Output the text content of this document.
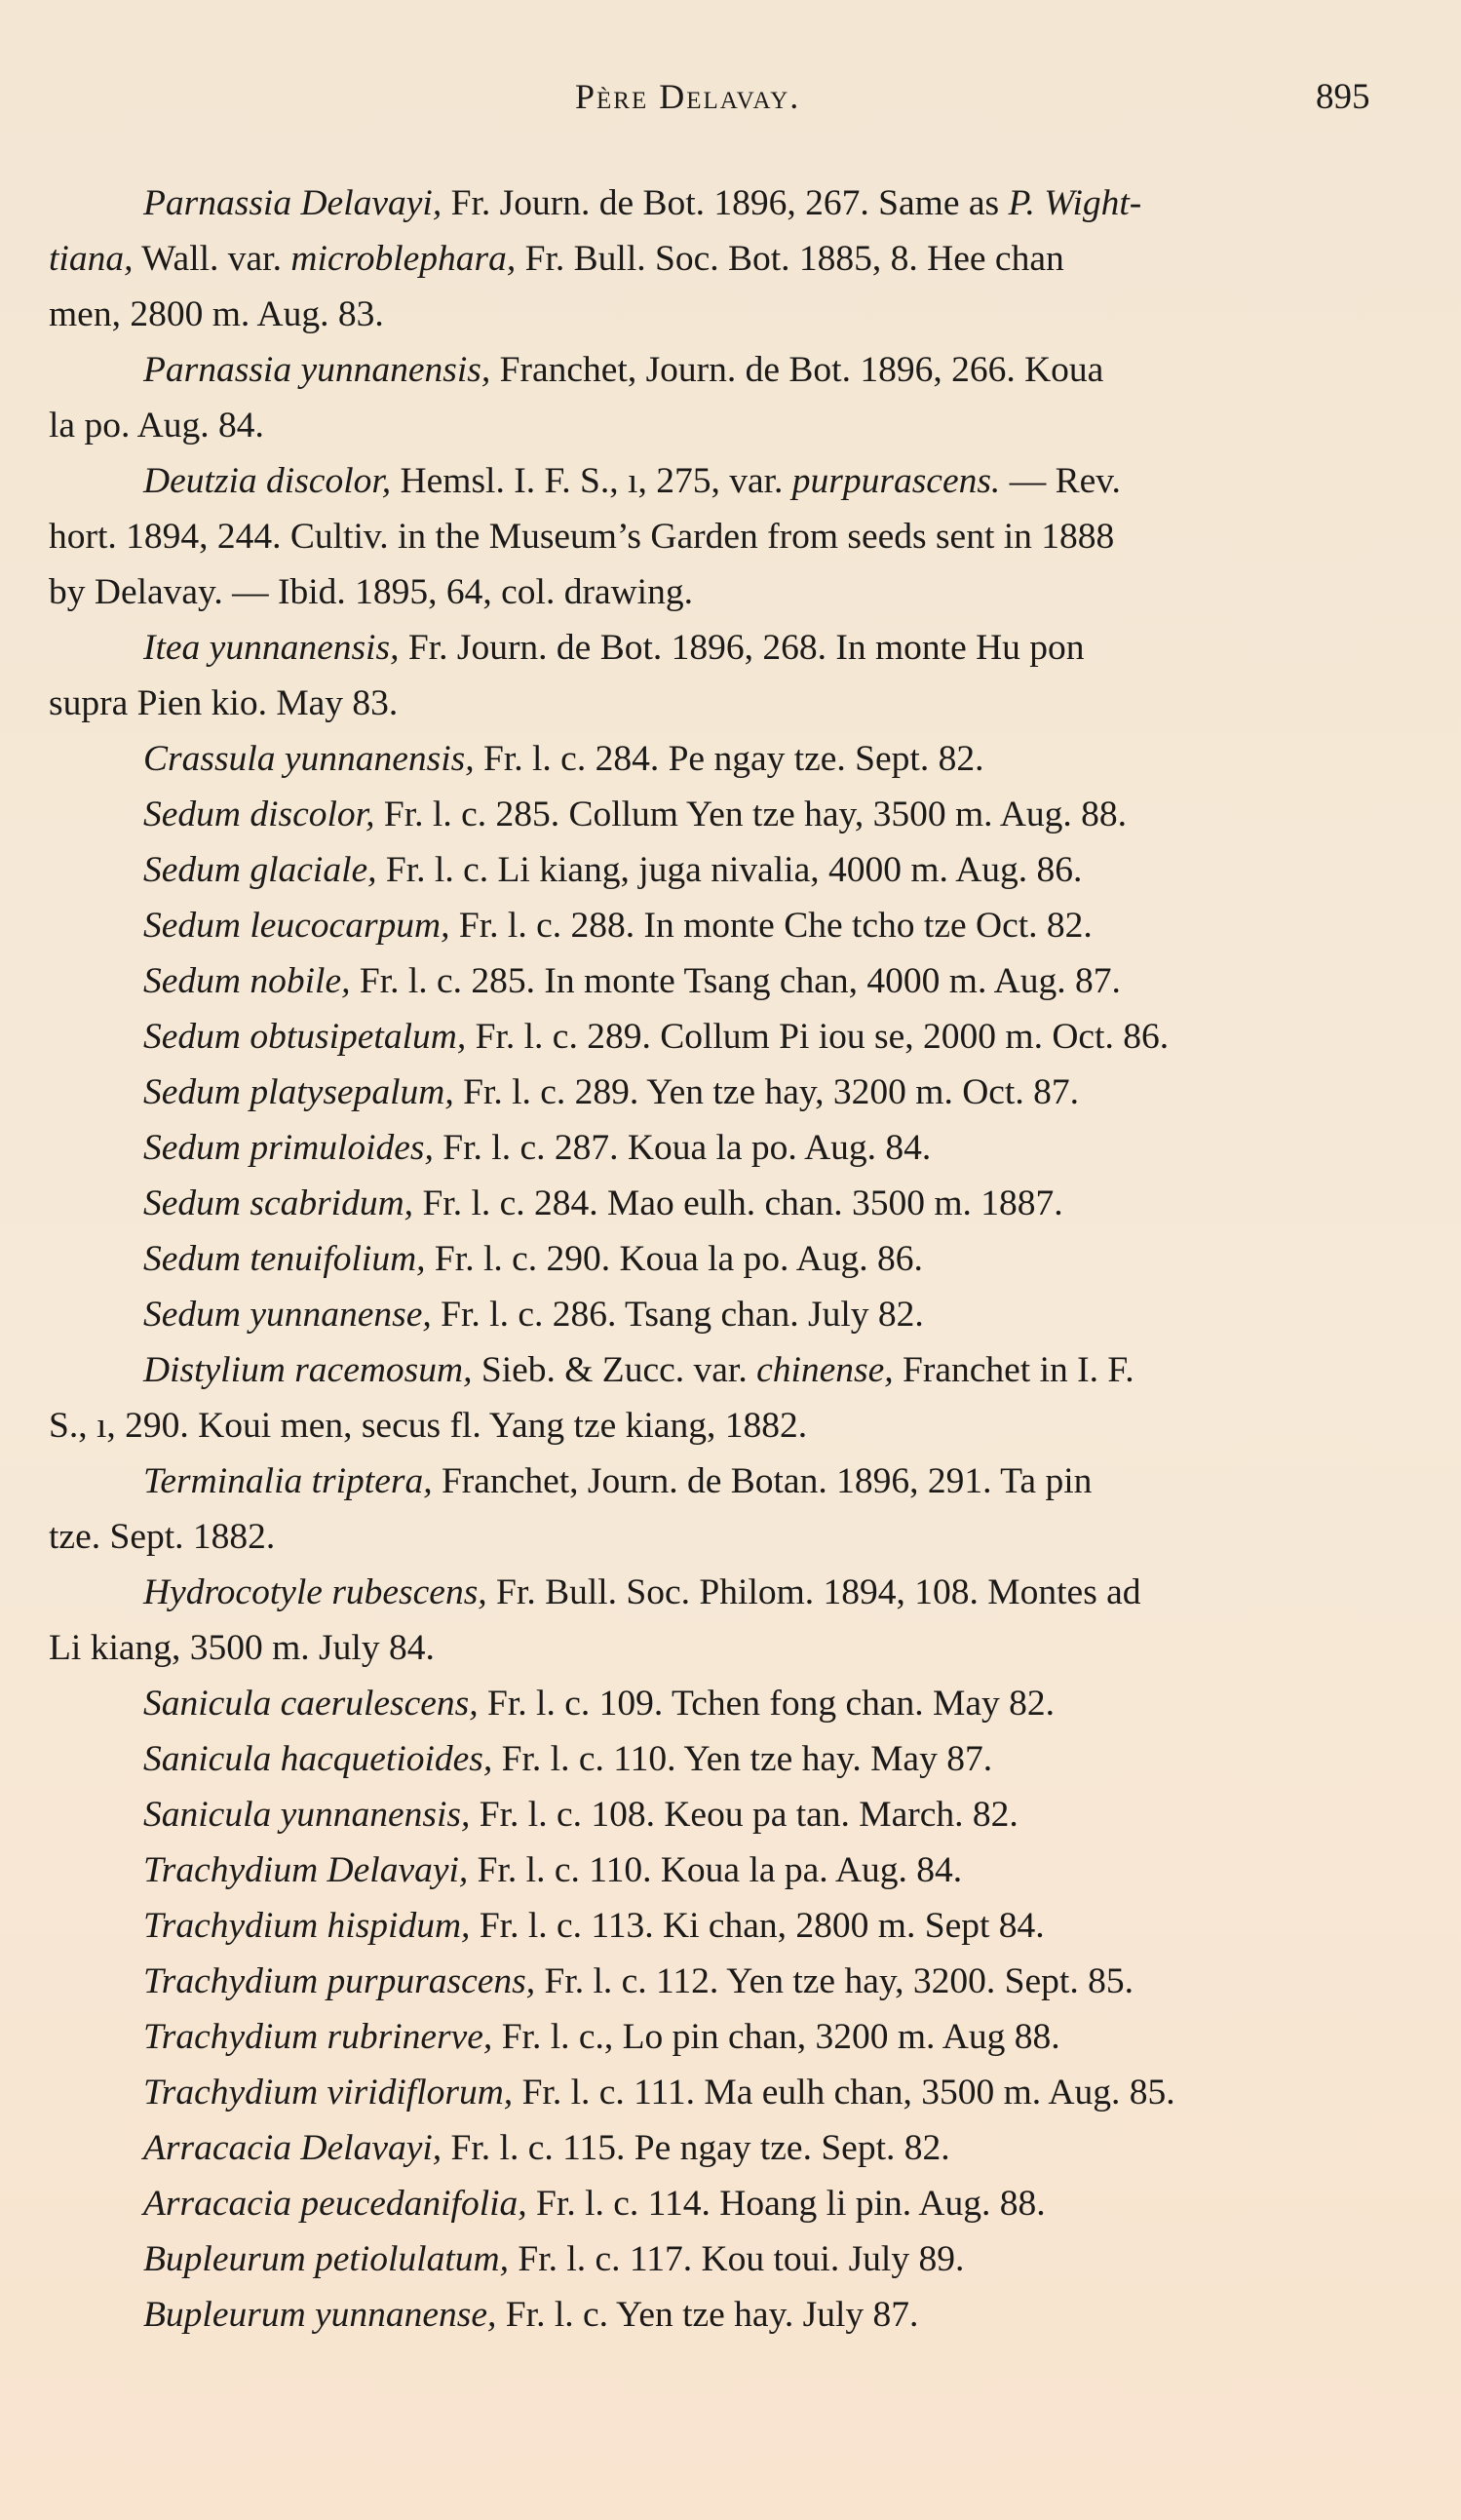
Père Delavay.	895

Parnassia Delavayi, Fr. Journ. de Bot. 1896, 267. Same as P. Wight-
tiana, Wall. var. microblephara, Fr. Bull. Soc. Bot. 1885, 8. Hee chan
men, 2800 m. Aug. 83.

Parnassia yunnanensis, Franchet, Journ. de Bot. 1896, 266. Koua
la po. Aug. 84.

Deutzia discolor, Hemsl. I. F. S., ı, 275, var. purpurascens. — Rev.
hort. 1894, 244. Cultiv. in the Museum’s Garden from seeds sent in 1888
by Delavay. — Ibid. 1895, 64, col. drawing.

Itea yunnanensis, Fr. Journ. de Bot. 1896, 268. In monte Hu pon
supra Pien kio. May 83.

Crassula yunnanensis, Fr. l. c. 284. Pe ngay tze. Sept. 82.

Sedum discolor, Fr. l. c. 285. Collum Yen tze hay, 3500 m. Aug. 88.

Sedum glaciale, Fr. l. c. Li kiang, juga nivalia, 4000 m. Aug. 86.

Sedum leucocarpum, Fr. l. c. 288. In monte Che tcho tze Oct. 82.

Sedum nobile, Fr. l. c. 285. In monte Tsang chan, 4000 m. Aug. 87.

Sedum obtusipetalum, Fr. l. c. 289. Collum Pi iou se, 2000 m. Oct. 86.

Sedum platysepalum, Fr. l. c. 289. Yen tze hay, 3200 m. Oct. 87.

Sedum primuloides, Fr. l. c. 287. Koua la po. Aug. 84.

Sedum scabridum, Fr. l. c. 284. Mao eulh. chan. 3500 m. 1887.

Sedum tenuifolium, Fr. l. c. 290. Koua la po. Aug. 86.

Sedum yunnanense, Fr. l. c. 286. Tsang chan. July 82.

Distylium racemosum, Sieb. & Zucc. var. chinense, Franchet in I. F.
S., ı, 290. Koui men, secus fl. Yang tze kiang, 1882.

Terminalia triptera, Franchet, Journ. de Botan. 1896, 291. Ta pin
tze. Sept. 1882.

Hydrocotyle rubescens, Fr. Bull. Soc. Philom. 1894, 108. Montes ad
Li kiang, 3500 m. July 84.

Sanicula caerulescens, Fr. l. c. 109. Tchen fong chan. May 82.

Sanicula hacquetioides, Fr. l. c. 110. Yen tze hay. May 87.

Sanicula yunnanensis, Fr. l. c. 108. Keou pa tan. March. 82.

Trachydium Delavayi, Fr. l. c. 110. Koua la pa. Aug. 84.

Trachydium hispidum, Fr. l. c. 113. Ki chan, 2800 m. Sept 84.

Trachydium purpurascens, Fr. l. c. 112. Yen tze hay, 3200. Sept. 85.

Trachydium rubrinerve, Fr. l. c., Lo pin chan, 3200 m. Aug 88.

Trachydium viridiflorum, Fr. l. c. 111. Ma eulh chan, 3500 m. Aug. 85.

Arracacia Delavayi, Fr. l. c. 115. Pe ngay tze. Sept. 82.

Arracacia peucedanifolia, Fr. l. c. 114. Hoang li pin. Aug. 88.

Bupleurum petiolulatum, Fr. l. c. 117. Kou toui. July 89.

Bupleurum yunnanense, Fr. l. c. Yen tze hay. July 87.
